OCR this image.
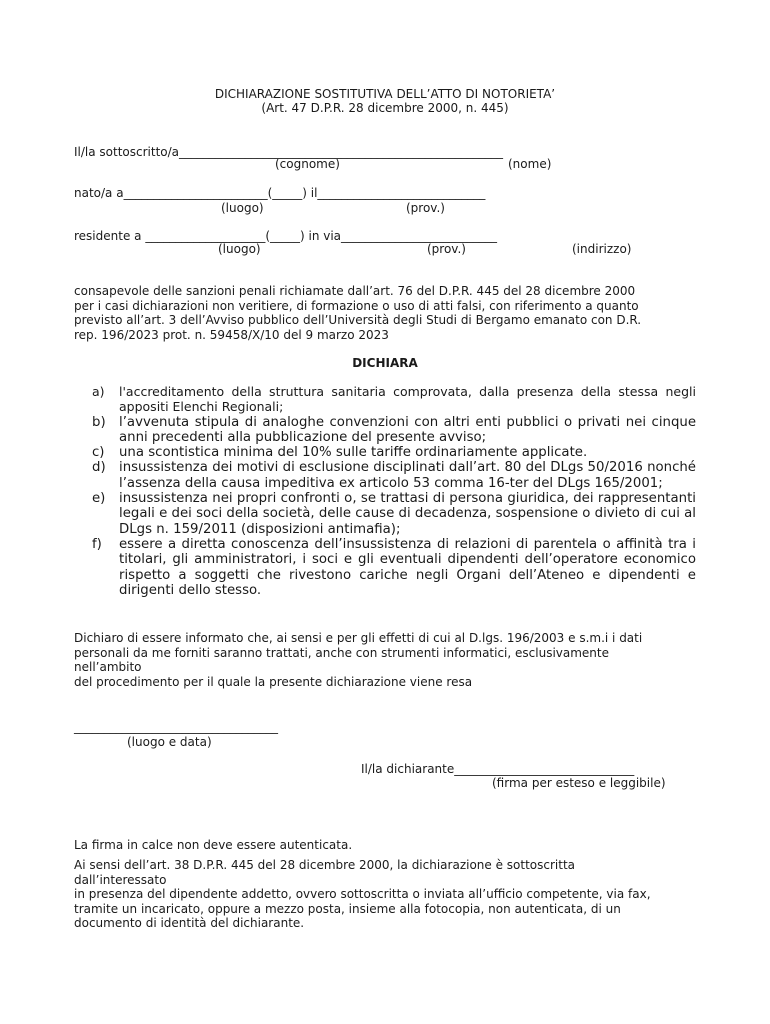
DICHIARAZIONE SOSTITUTIVA DELL’ATTO DI NOTORIETA’
(Art. 47 D.P.R. 28 dicembre 2000, n. 445)
Il/la sottoscritto/a______________________________________________________
(cognome)	(nome)
nato/a a________________________(_____) il____________________________
(luogo)	(prov.)
residente a ____________________(_____) in via__________________________
(luogo)	(prov.)	(indirizzo)
consapevole delle sanzioni penali richiamate dall’art. 76 del D.P.R. 445 del 28 dicembre 2000
per i casi dichiarazioni non veritiere, di formazione o uso di atti falsi, con riferimento a quanto
previsto all’art. 3 dell’Avviso pubblico dell’Università degli Studi di Bergamo emanato con D.R.
rep. 196/2023 prot. n. 59458/X/10 del 9 marzo 2023
DICHIARA
a) l'accreditamento della struttura sanitaria comprovata, dalla presenza della stessa negli appositi Elenchi Regionali;
b) l’avvenuta stipula di analoghe convenzioni con altri enti pubblici o privati nei cinque anni precedenti alla pubblicazione del presente avviso;
c) una scontistica minima del 10% sulle tariffe ordinariamente applicate.
d) insussistenza dei motivi di esclusione disciplinati dall’art. 80 del DLgs 50/2016 nonché l’assenza della causa impeditiva ex articolo 53 comma 16-ter del DLgs 165/2001;
e) insussistenza nei propri confronti o, se trattasi di persona giuridica, dei rappresentanti legali e dei soci della società, delle cause di decadenza, sospensione o divieto di cui al DLgs n. 159/2011 (disposizioni antimafia);
f) essere a diretta conoscenza dell’insussistenza di relazioni di parentela o affinità tra i titolari, gli amministratori, i soci e gli eventuali dipendenti dell’operatore economico rispetto a soggetti che rivestono cariche negli Organi dell’Ateneo e dipendenti e dirigenti dello stesso.
Dichiaro di essere informato che, ai sensi e per gli effetti di cui al D.lgs. 196/2003 e s.m.i i dati
personali da me forniti saranno trattati, anche con strumenti informatici, esclusivamente
nell’ambito
del procedimento per il quale la presente dichiarazione viene resa
__________________________________
(luogo e data)
Il/la dichiarante______________________________
(firma per esteso e leggibile)
La firma in calce non deve essere autenticata.
Ai sensi dell’art. 38 D.P.R. 445 del 28 dicembre 2000, la dichiarazione è sottoscritta
dall’interessato
in presenza del dipendente addetto, ovvero sottoscritta o inviata all’ufficio competente, via fax,
tramite un incaricato, oppure a mezzo posta, insieme alla fotocopia, non autenticata, di un
documento di identità del dichiarante.
